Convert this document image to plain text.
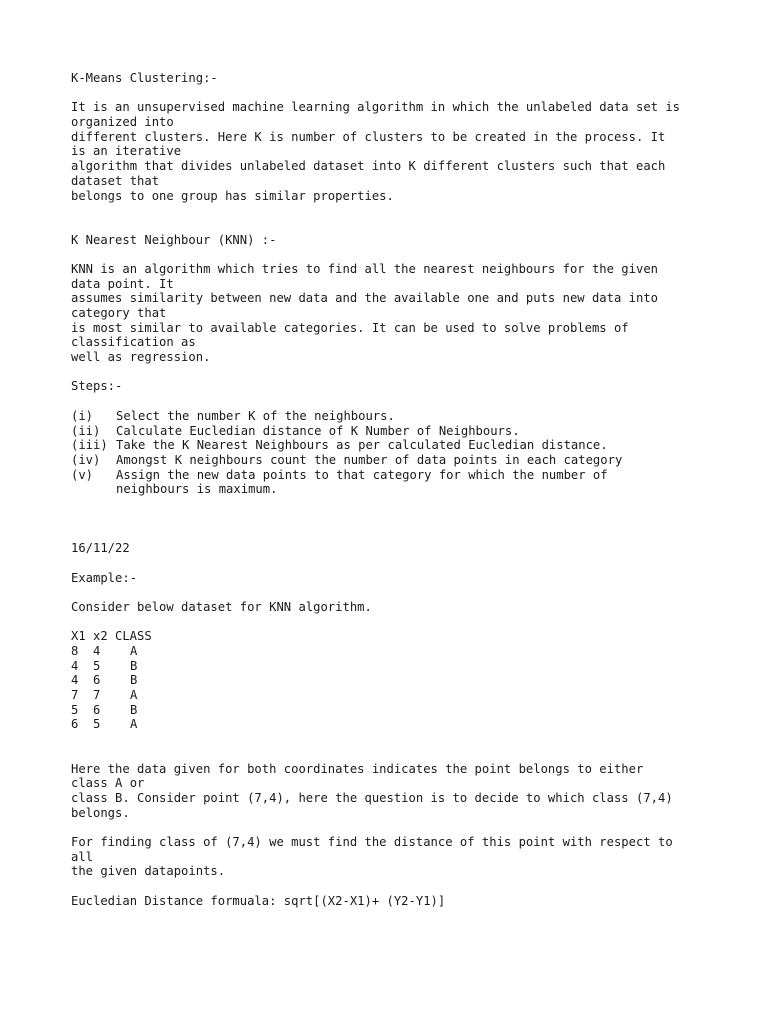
K-Means Clustering:-
It is an unsupervised machine learning algorithm in which the unlabeled data set is
organized into
different clusters. Here K is number of clusters to be created in the process. It
is an iterative
algorithm that divides unlabeled dataset into K different clusters such that each
dataset that
belongs to one group has similar properties.
K Nearest Neighbour (KNN) :-
KNN is an algorithm which tries to find all the nearest neighbours for the given
data point. It
assumes similarity between new data and the available one and puts new data into
category that
is most similar to available categories. It can be used to solve problems of
classification as
well as regression.
Steps:-
(i)	Select the number K of the neighbours.
(ii)	Calculate Eucledian distance of K Number of Neighbours.
(iii) Take the K Nearest Neighbours as per calculated Eucledian distance.
(iv)	Amongst K neighbours count the number of data points in each category
(v)	Assign the new data points to that category for which the number of
neighbours is maximum.
16/11/22
Example:-
Consider below dataset for KNN algorithm.
X1 x2 CLASS
8	4	A
4	5	B
4	6	B
7	7	A
5	6	B
6	5	A
Here the data given for both coordinates indicates the point belongs to either
class A or
class B. Consider point (7,4), here the question is to decide to which class (7,4)
belongs.
For finding class of (7,4) we must find the distance of this point with respect to
all
the given datapoints.
Eucledian Distance formuala: sqrt[(X2-X1)+ (Y2-Y1)]
